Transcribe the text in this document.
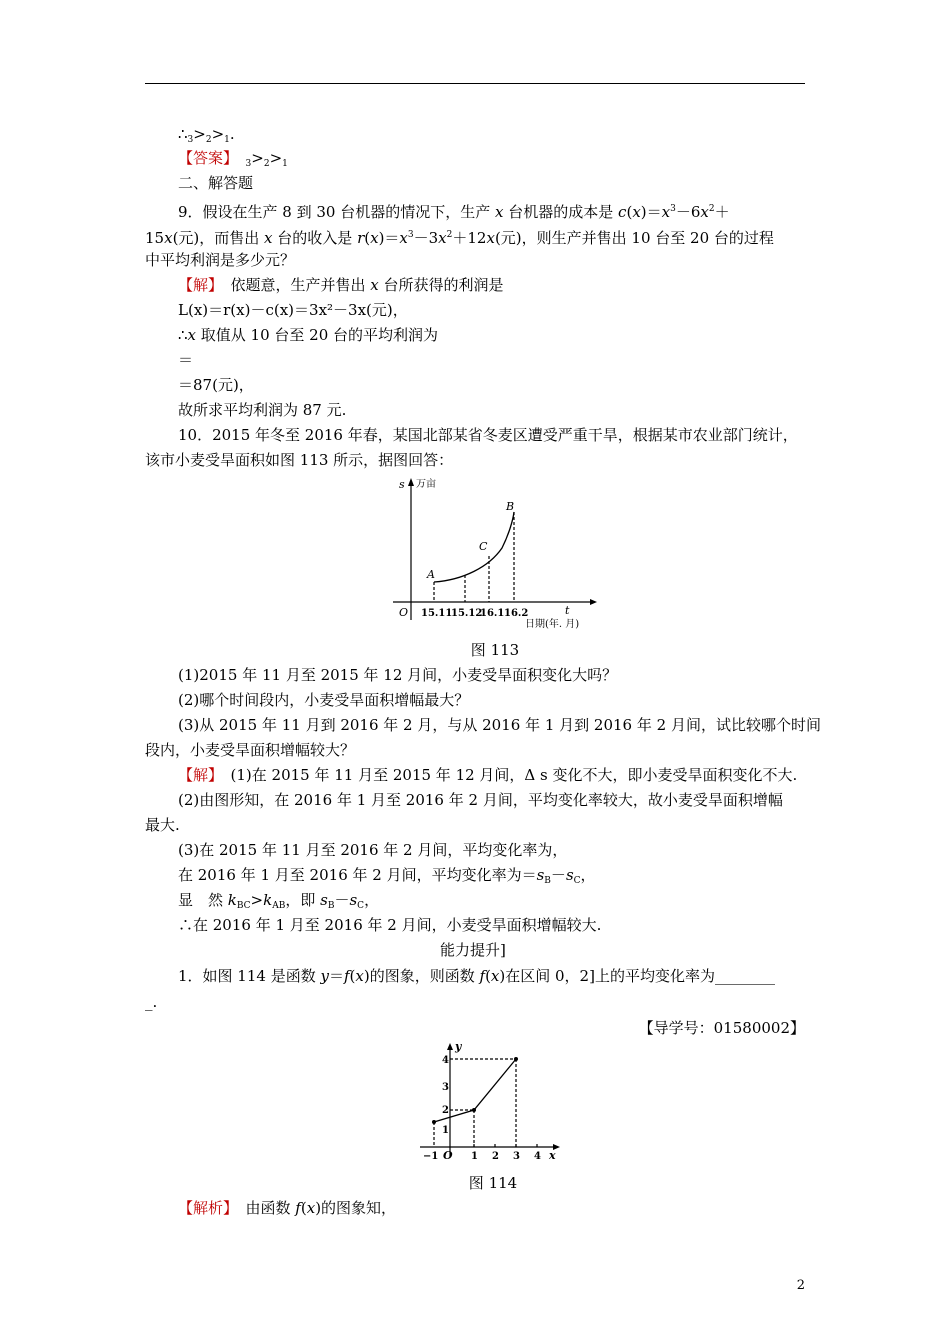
$\therefore_3>_2>_1$.
【答案】　 $_3>_2>_1$
二、解答题
9．假设在生产 8 到 30 台机器的情况下，生产 x 台机器的成本是 $c(x)=x^3-6x^2+$
15x(元)，而售出 x 台的收入是 $r(x)=x^3-3x^2+12x$(元)，则生产并售出 10 台至 20 台的过程
中平均利润是多少元？
【解】　依题意，生产并售出 x 台所获得的利润是
L(x)＝r(x)－c(x)＝3x²－3x(元)，
∴x 取值从 10 台至 20 台的平均利润为
＝
＝87(元)，
故所求平均利润为 87 元.
10．2015 年冬至 2016 年春，某国北部某省冬麦区遭受严重干旱，根据某市农业部门统计，
该市小麦受旱面积如图 113 所示，据图回答：
s 万亩
t
O
A
B
C
15.11
15.12
16.1 16.2
日期(年. 月)
图 113
(1)2015 年 11 月至 2015 年 12 月间，小麦受旱面积变化大吗？
(2)哪个时间段内，小麦受旱面积增幅最大？
(3)从 2015 年 11 月到 2016 年 2 月，与从 2016 年 1 月到 2016 年 2 月间，试比较哪个时间
段内，小麦受旱面积增幅较大？
【解】　(1)在 2015 年 11 月至 2015 年 12 月间，Δ s 变化不大，即小麦受旱面积变化不大.
(2)由图形知，在 2016 年 1 月至 2016 年 2 月间，平均变化率较大，故小麦受旱面积增幅
最大.
(3)在 2015 年 11 月至 2016 年 2 月间，平均变化率为，
在 2016 年 1 月至 2016 年 2 月间，平均变化率为$=s_B-s_C$，
显　然 $k_{BC}>k_{AB}$，即 $s_B-s_C$，
∴在 2016 年 1 月至 2016 年 2 月间，小麦受旱面积增幅较大.
能力提升]
1．如图 114 是函数 y＝f(x)的图象，则函数 f(x)在区间 0，2]上的平均变化率为________
_.
【导学号：01580002】
y
x
O
−1	1 2 3 4
1
2
3
4
图 114
【解析】　由函数 f(x)的图象知，
2
